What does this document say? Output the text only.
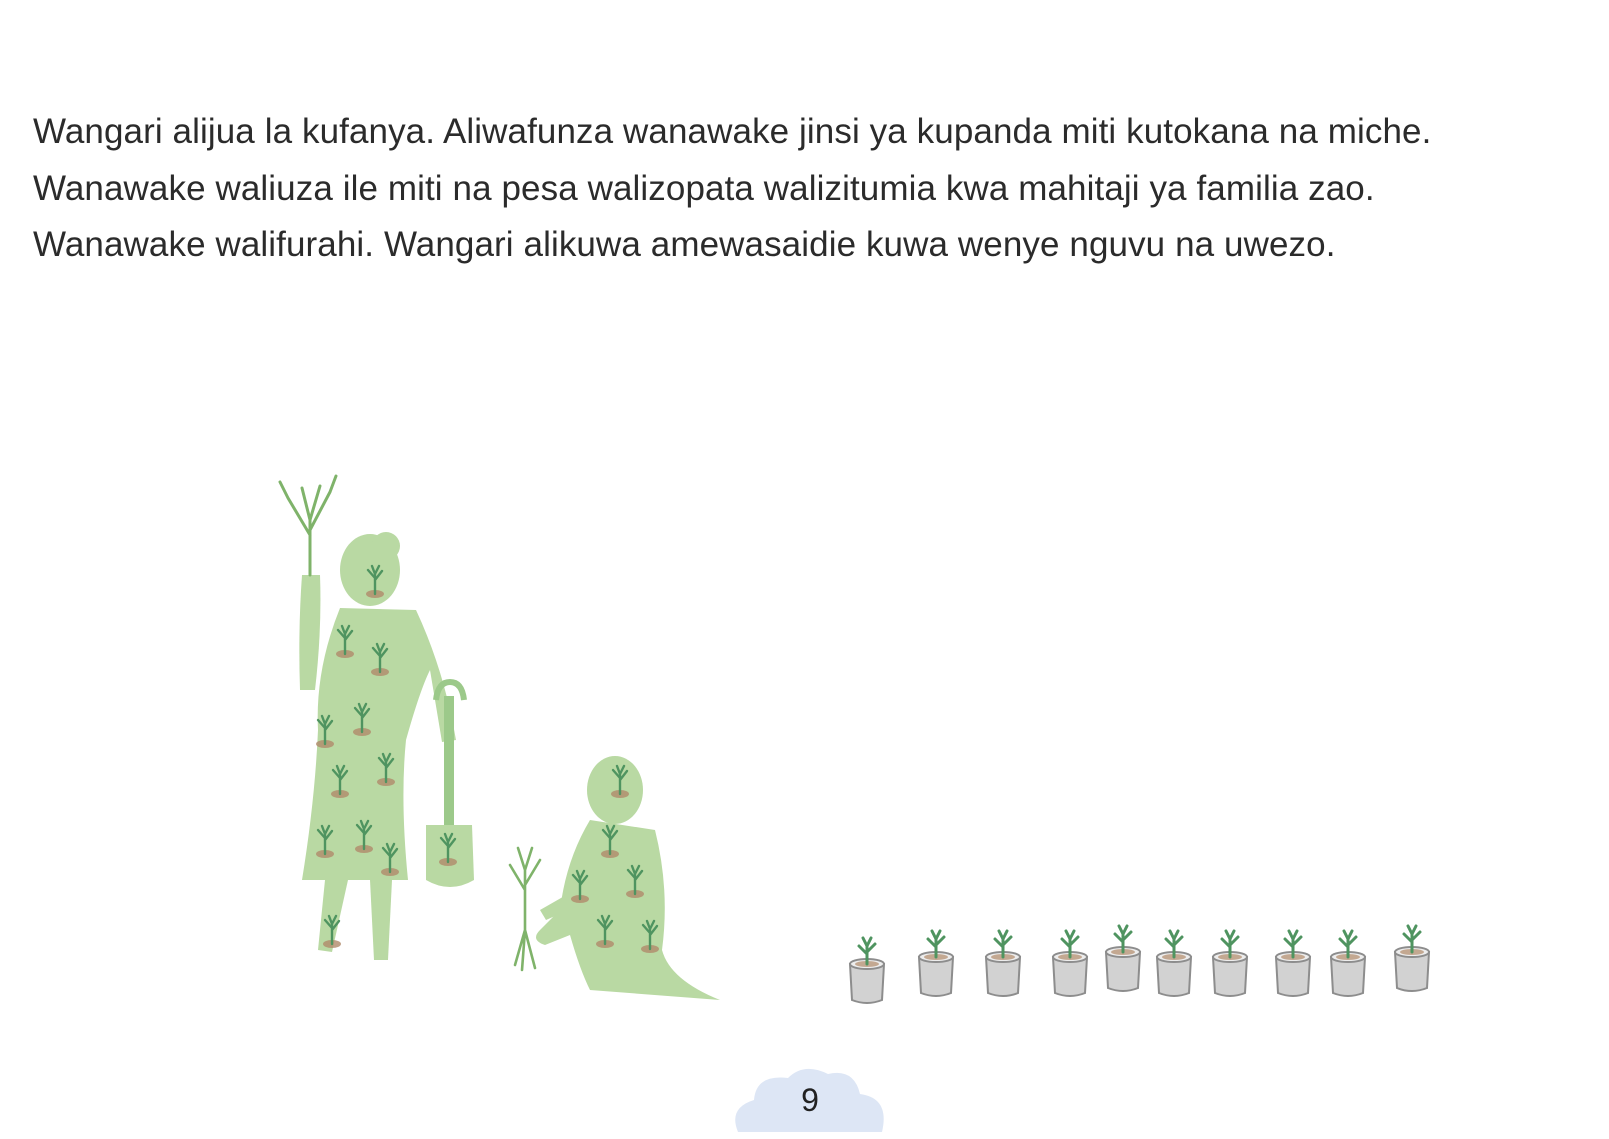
Wangari alijua la kufanya. Aliwafunza wanawake jinsi ya kupanda miti kutokana na miche.
Wanawake waliuza ile miti na pesa walizopata walizitumia kwa mahitaji ya familia zao.
Wanawake walifurahi. Wangari alikuwa amewasaidie kuwa wenye nguvu na uwezo.
9
